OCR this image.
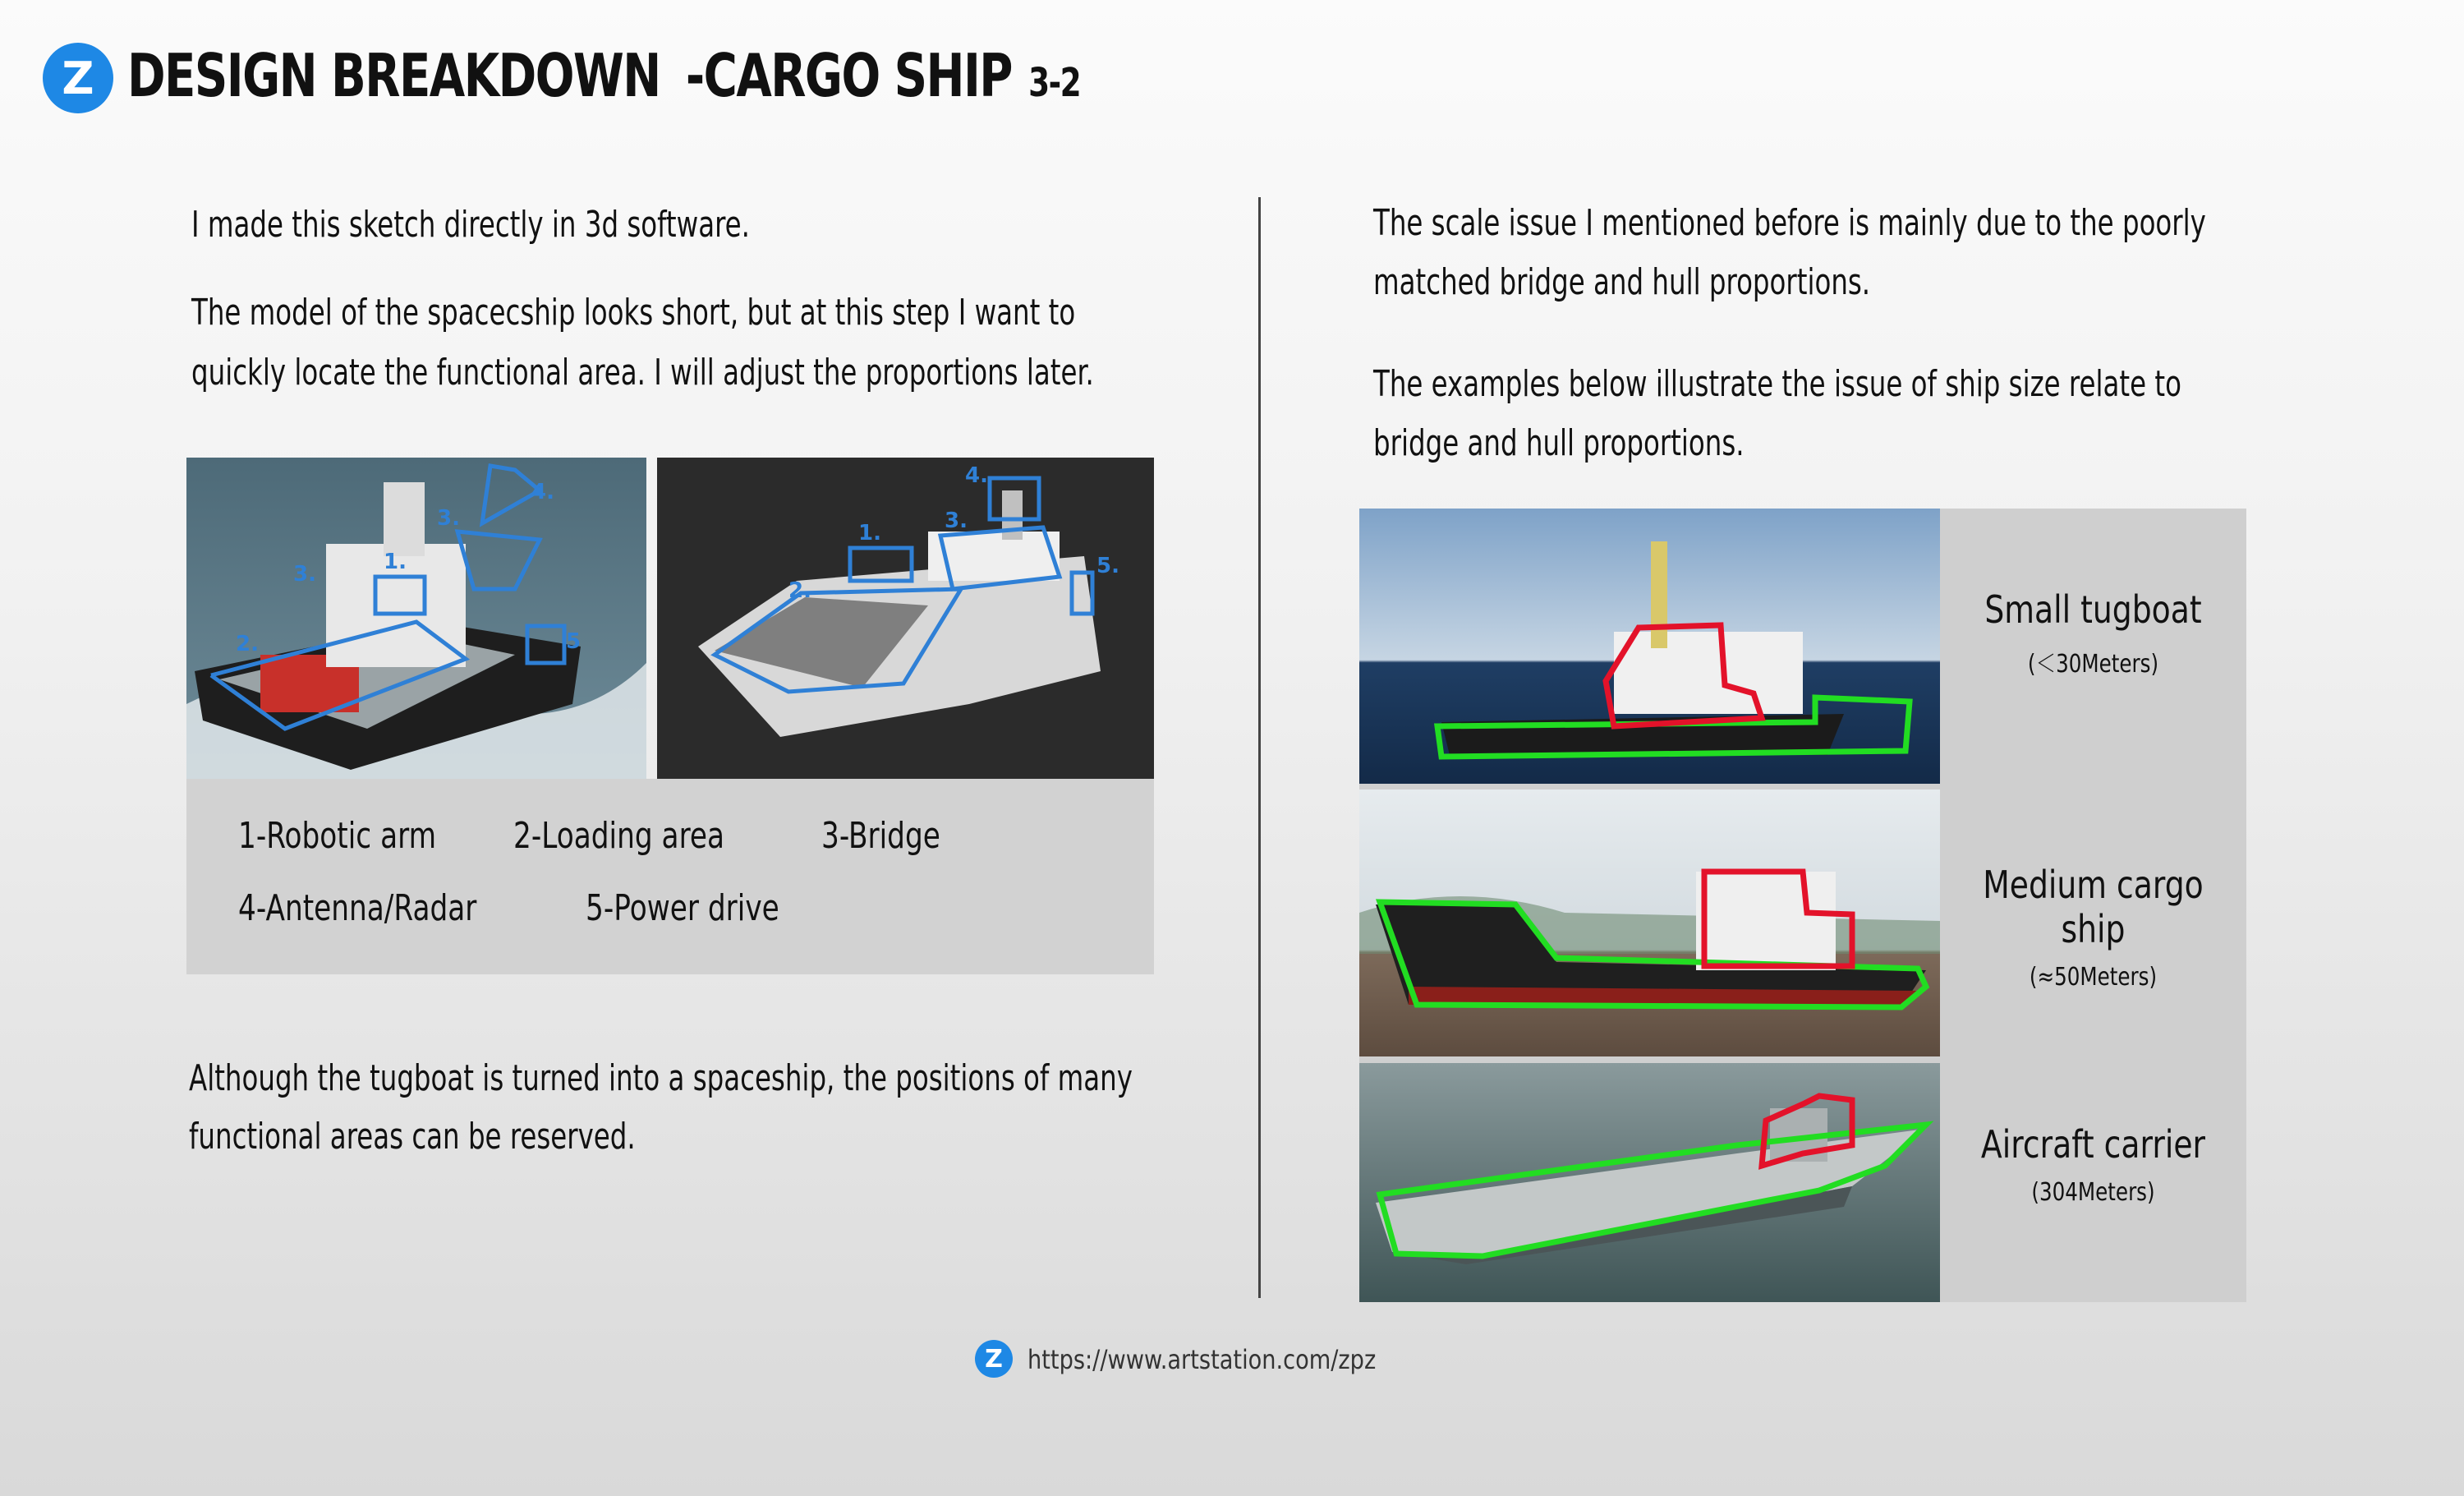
Z DESIGN BREAKDOWN -CARGO SHIP 3-2
I made this sketch directly in 3d software.
The model of the spacecship looks short, but at this step I want to
quickly locate the functional area. I will adjust the proportions later.
1.
2.
3.
3.
4.
5
1.
2.
3.
4.
5.
1-Robotic arm 2-Loading area	3-Bridge
4-Antenna/Radar	5-Power drive
Although the tugboat is turned into a spaceship, the positions of many
functional areas can be reserved.
The scale issue I mentioned before is mainly due to the poorly
matched bridge and hull proportions.
The examples below illustrate the issue of ship size relate to
bridge and hull proportions.
Small tugboat
(＜30Meters)
Medium cargo ship
(≈50Meters)
Aircraft carrier
(304Meters)
Z https://www.artstation.com/zpz
